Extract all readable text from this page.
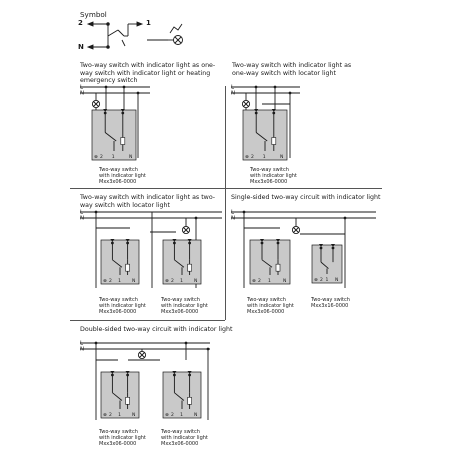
Symbol
2	1
N
Two-way switch with indicator light as one-way switch with indicator light or heating emergency switch
Two-way switch with indicator light as one-way switch with locator light
Two-way switch with indicator light as two-way switch with locator light
Single-sided two-way circuit with indicator light
Double-sided two-way circuit with indicator light
Two-way switch
with indicator light
Mxx3x06-0000
Two-way switch
with indicator light
Mxx3x06-0000
Two-way switch
with indicator light
Mxx3x06-0000
Two-way switch
with indicator light
Mxx3x06-0000
Two-way switch
with indicator light
Mxx3x06-0000
Two-way switch
Mxx3x16-0000
Two-way switch
with indicator light
Mxx3x06-0000
Two-way switch
with indicator light
Mxx3x06-0000
L
N
⊗ 2 1	N
L
N
⊗ 2 1	N
L
N
⊗ 2 1 N	⊗ 2 1 N
L
N
⊗ 2 1	N	⊗ 2 1 N
L
N
⊗ 2 1 N	⊗ 2 1 N
